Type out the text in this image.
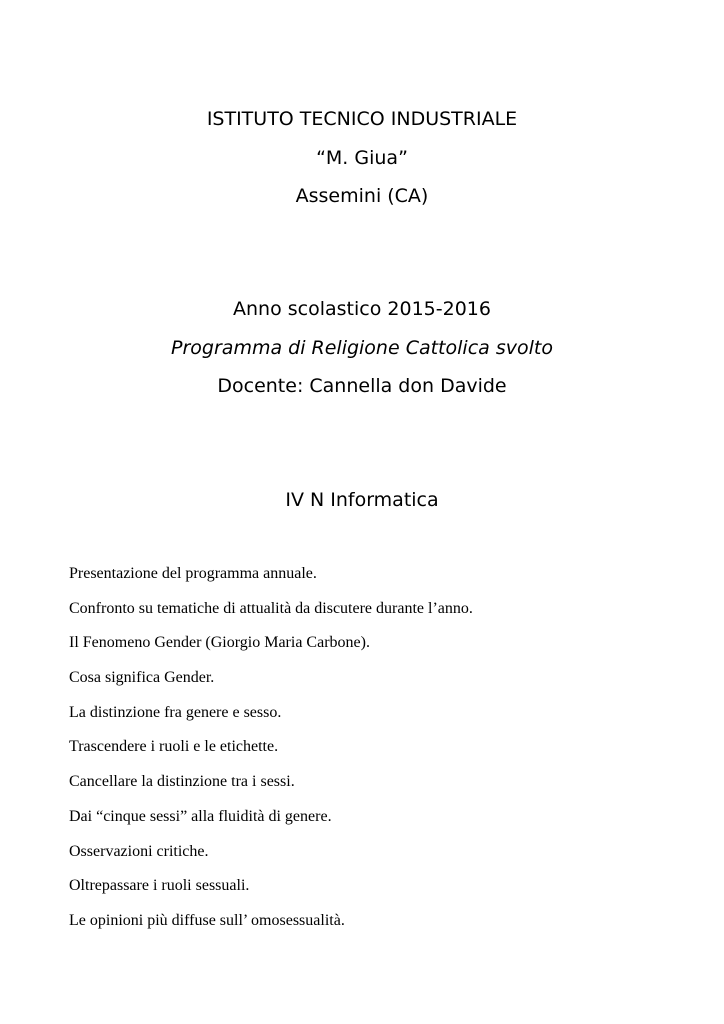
ISTITUTO TECNICO INDUSTRIALE
“M. Giua”
Assemini (CA)
Anno scolastico 2015-2016
Programma di Religione Cattolica svolto
Docente: Cannella don Davide
IV N Informatica
Presentazione del programma annuale.
Confronto su tematiche di attualità da discutere durante l’anno.
Il Fenomeno Gender (Giorgio Maria Carbone).
Cosa significa Gender.
La distinzione fra genere e sesso.
Trascendere i ruoli e le etichette.
Cancellare la distinzione tra i sessi.
Dai “cinque sessi” alla fluidità di genere.
Osservazioni critiche.
Oltrepassare i ruoli sessuali.
Le opinioni più diffuse sull’ omosessualità.
